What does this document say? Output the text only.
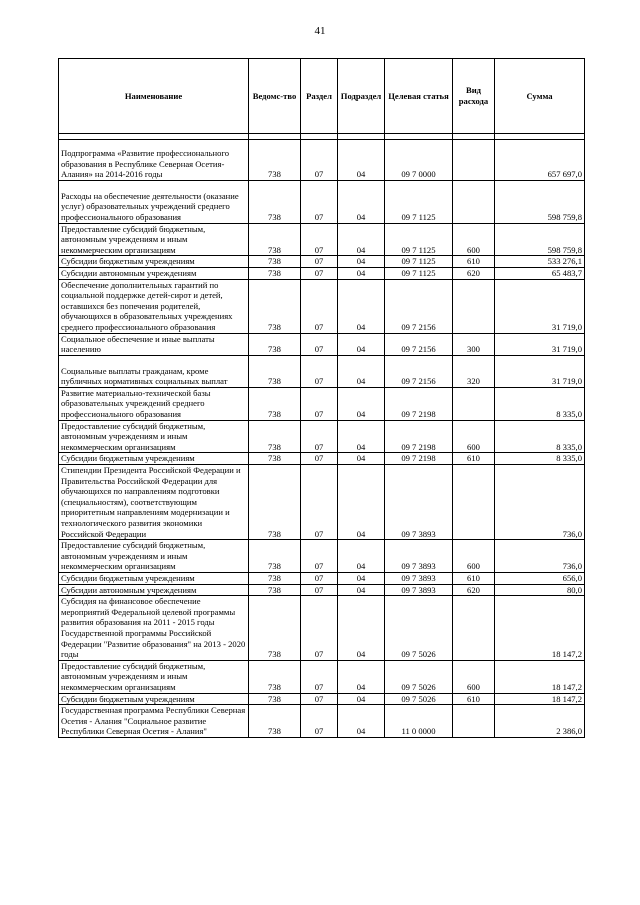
41
Наименование	Ведомс-тво	Раздел	Подраздел	Целевая статья	Вид расхода	Сумма

Подпрограмма «Развитие профессионального образования в Республике Северная Осетия-Алания» на 2014-2016 годы	738	07	04	09 7 0000		657 697,0
Расходы на обеспечение деятельности (оказание услуг) образовательных учреждений среднего профессионального образования	738	07	04	09 7 1125		598 759,8
Предоставление субсидий бюджетным, автономным учреждениям и иным некоммерческим организациям	738	07	04	09 7 1125	600	598 759,8
Субсидии бюджетным учреждениям	738	07	04	09 7 1125	610	533 276,1
Субсидии автономным учреждениям	738	07	04	09 7 1125	620	65 483,7
Обеспечение дополнительных гарантий по социальной поддержке детей-сирот и детей, оставшихся без попечения родителей, обучающихся в образовательных учреждениях среднего профессионального образования	738	07	04	09 7 2156		31 719,0
Социальное обеспечение и иные выплаты населению	738	07	04	09 7 2156	300	31 719,0
Социальные выплаты гражданам, кроме публичных нормативных социальных выплат	738	07	04	09 7 2156	320	31 719,0
Развитие материально-технической базы образовательных учреждений среднего профессионального образования	738	07	04	09 7 2198		8 335,0
Предоставление субсидий бюджетным, автономным учреждениям и иным некоммерческим организациям	738	07	04	09 7 2198	600	8 335,0
Субсидии бюджетным учреждениям	738	07	04	09 7 2198	610	8 335,0
Стипендии Президента Российской Федерации и Правительства Российской Федерации для обучающихся по направлениям подготовки (специальностям), соответствующим приоритетным направлениям модернизации и технологического развития экономики Российской Федерации	738	07	04	09 7 3893		736,0
Предоставление субсидий бюджетным, автономным учреждениям и иным некоммерческим организациям	738	07	04	09 7 3893	600	736,0
Субсидии бюджетным учреждениям	738	07	04	09 7 3893	610	656,0
Субсидии автономным учреждениям	738	07	04	09 7 3893	620	80,0
Субсидия на финансовое обеспечение мероприятий Федеральной целевой программы развития образования на 2011 - 2015 годы Государственной программы Российской Федерации "Развитие образования" на 2013 - 2020 годы	738	07	04	09 7 5026		18 147,2
Предоставление субсидий бюджетным, автономным учреждениям и иным некоммерческим организациям	738	07	04	09 7 5026	600	18 147,2
Субсидии бюджетным учреждениям	738	07	04	09 7 5026	610	18 147,2
Государственная программа Республики Северная Осетия - Алания "Социальное развитие Республики Северная Осетия - Алания"	738	07	04	11 0 0000		2 386,0
